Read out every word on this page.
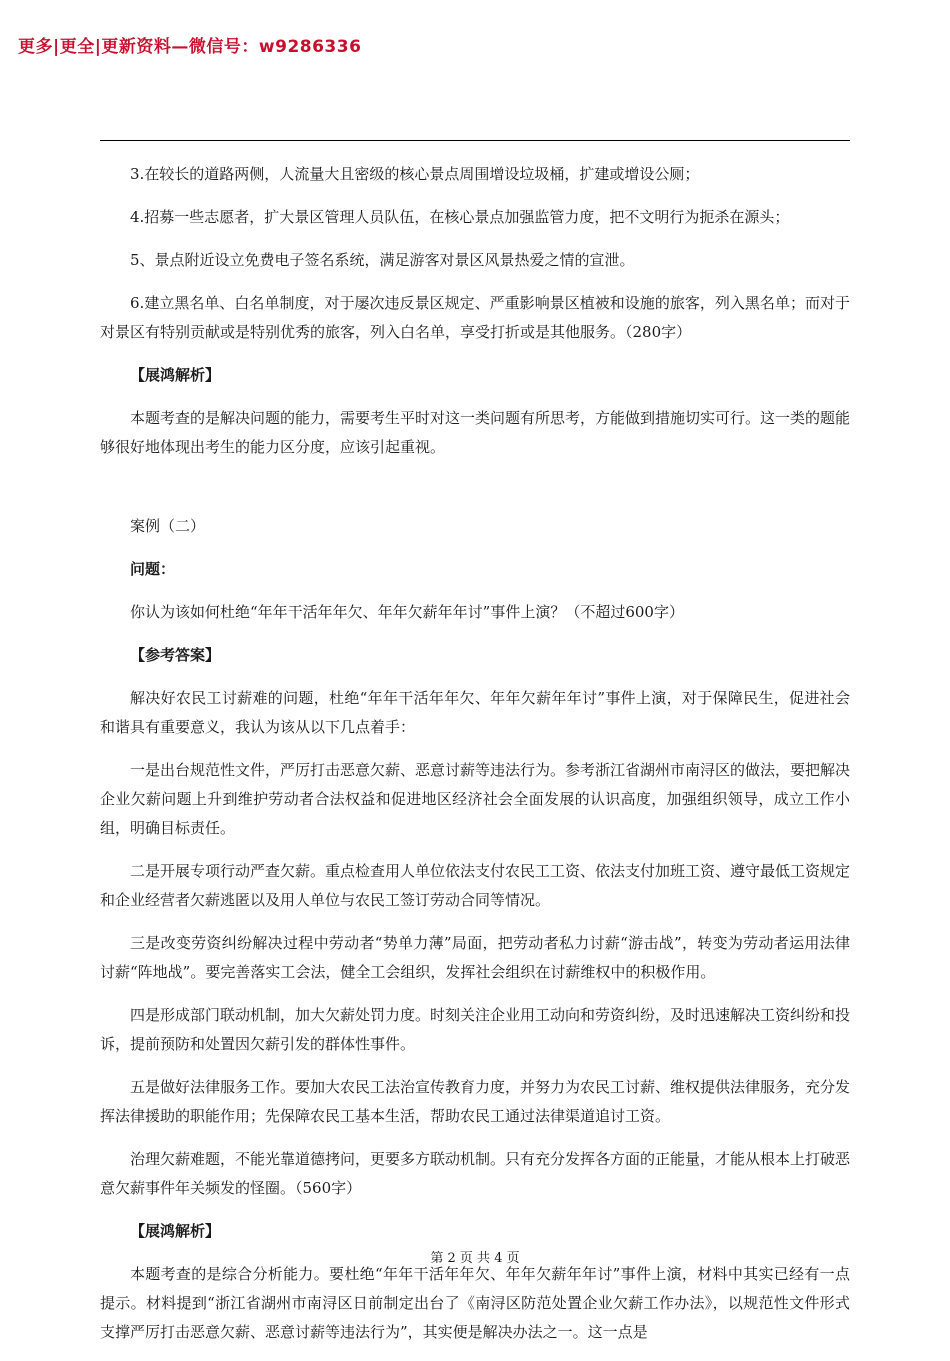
更多|更全|更新资料—微信号：w9286336

3.在较长的道路两侧，人流量大且密级的核心景点周围增设垃圾桶，扩建或增设公厕；

4.招募一些志愿者，扩大景区管理人员队伍，在核心景点加强监管力度，把不文明行为扼杀在源头；

5、景点附近设立免费电子签名系统，满足游客对景区风景热爱之情的宣泄。

6.建立黑名单、白名单制度，对于屡次违反景区规定、严重影响景区植被和设施的旅客，列入黑名单；而对于对景区有特别贡献或是特别优秀的旅客，列入白名单，享受打折或是其他服务。（280字）

【展鸿解析】

本题考查的是解决问题的能力，需要考生平时对这一类问题有所思考，方能做到措施切实可行。这一类的题能够很好地体现出考生的能力区分度，应该引起重视。

案例（二）

问题：

你认为该如何杜绝“年年干活年年欠、年年欠薪年年讨”事件上演？（不超过600字）

【参考答案】

解决好农民工讨薪难的问题，杜绝“年年干活年年欠、年年欠薪年年讨”事件上演，对于保障民生，促进社会和谐具有重要意义，我认为该从以下几点着手：

一是出台规范性文件，严厉打击恶意欠薪、恶意讨薪等违法行为。参考浙江省湖州市南浔区的做法，要把解决企业欠薪问题上升到维护劳动者合法权益和促进地区经济社会全面发展的认识高度，加强组织领导，成立工作小组，明确目标责任。

二是开展专项行动严查欠薪。重点检查用人单位依法支付农民工工资、依法支付加班工资、遵守最低工资规定和企业经营者欠薪逃匿以及用人单位与农民工签订劳动合同等情况。

三是改变劳资纠纷解决过程中劳动者“势单力薄”局面，把劳动者私力讨薪“游击战”，转变为劳动者运用法律讨薪“阵地战”。要完善落实工会法，健全工会组织，发挥社会组织在讨薪维权中的积极作用。

四是形成部门联动机制，加大欠薪处罚力度。时刻关注企业用工动向和劳资纠纷，及时迅速解决工资纠纷和投诉，提前预防和处置因欠薪引发的群体性事件。

五是做好法律服务工作。要加大农民工法治宣传教育力度，并努力为农民工讨薪、维权提供法律服务，充分发挥法律援助的职能作用；先保障农民工基本生活，帮助农民工通过法律渠道追讨工资。

治理欠薪难题，不能光靠道德拷问，更要多方联动机制。只有充分发挥各方面的正能量，才能从根本上打破恶意欠薪事件年关频发的怪圈。（560字）

【展鸿解析】

本题考查的是综合分析能力。要杜绝“年年干活年年欠、年年欠薪年年讨”事件上演，材料中其实已经有一点提示。材料提到“浙江省湖州市南浔区日前制定出台了《南浔区防范处置企业欠薪工作办法》，以规范性文件形式支撑严厉打击恶意欠薪、恶意讨薪等违法行为”，其实便是解决办法之一。这一点是

第 2 页 共 4 页
